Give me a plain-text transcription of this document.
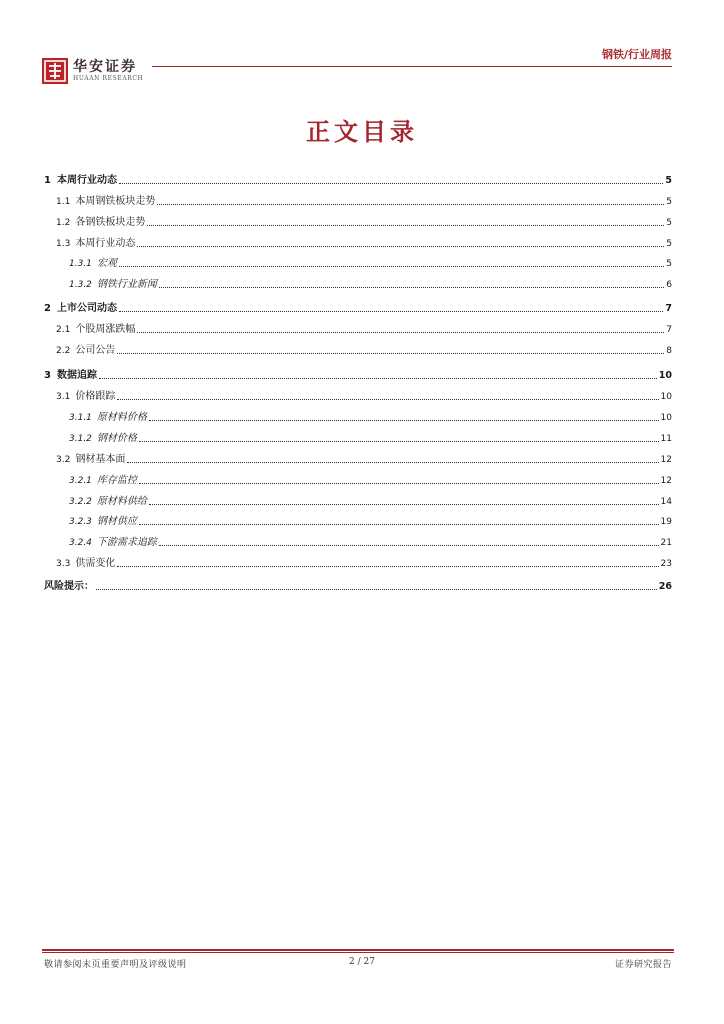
华安证券
HUAAN RESEARCH
钢铁/行业周报
正文目录
1 本周行业动态	5
1.1 本周钢铁板块走势	5
1.2 各钢铁板块走势	5
1.3 本周行业动态	5
1.3.1 宏观	5
1.3.2 钢铁行业新闻	6
2 上市公司动态	7
2.1 个股周涨跌幅	7
2.2 公司公告	8
3 数据追踪	10
3.1 价格跟踪	10
3.1.1 原材料价格	10
3.1.2 钢材价格	11
3.2 钢材基本面	12
3.2.1 库存监控	12
3.2.2 原材料供给	14
3.2.3 钢材供应	19
3.2.4 下游需求追踪	21
3.3 供需变化	23
风险提示：	26
敬请参阅末页重要声明及评级说明	2 / 27	证券研究报告
